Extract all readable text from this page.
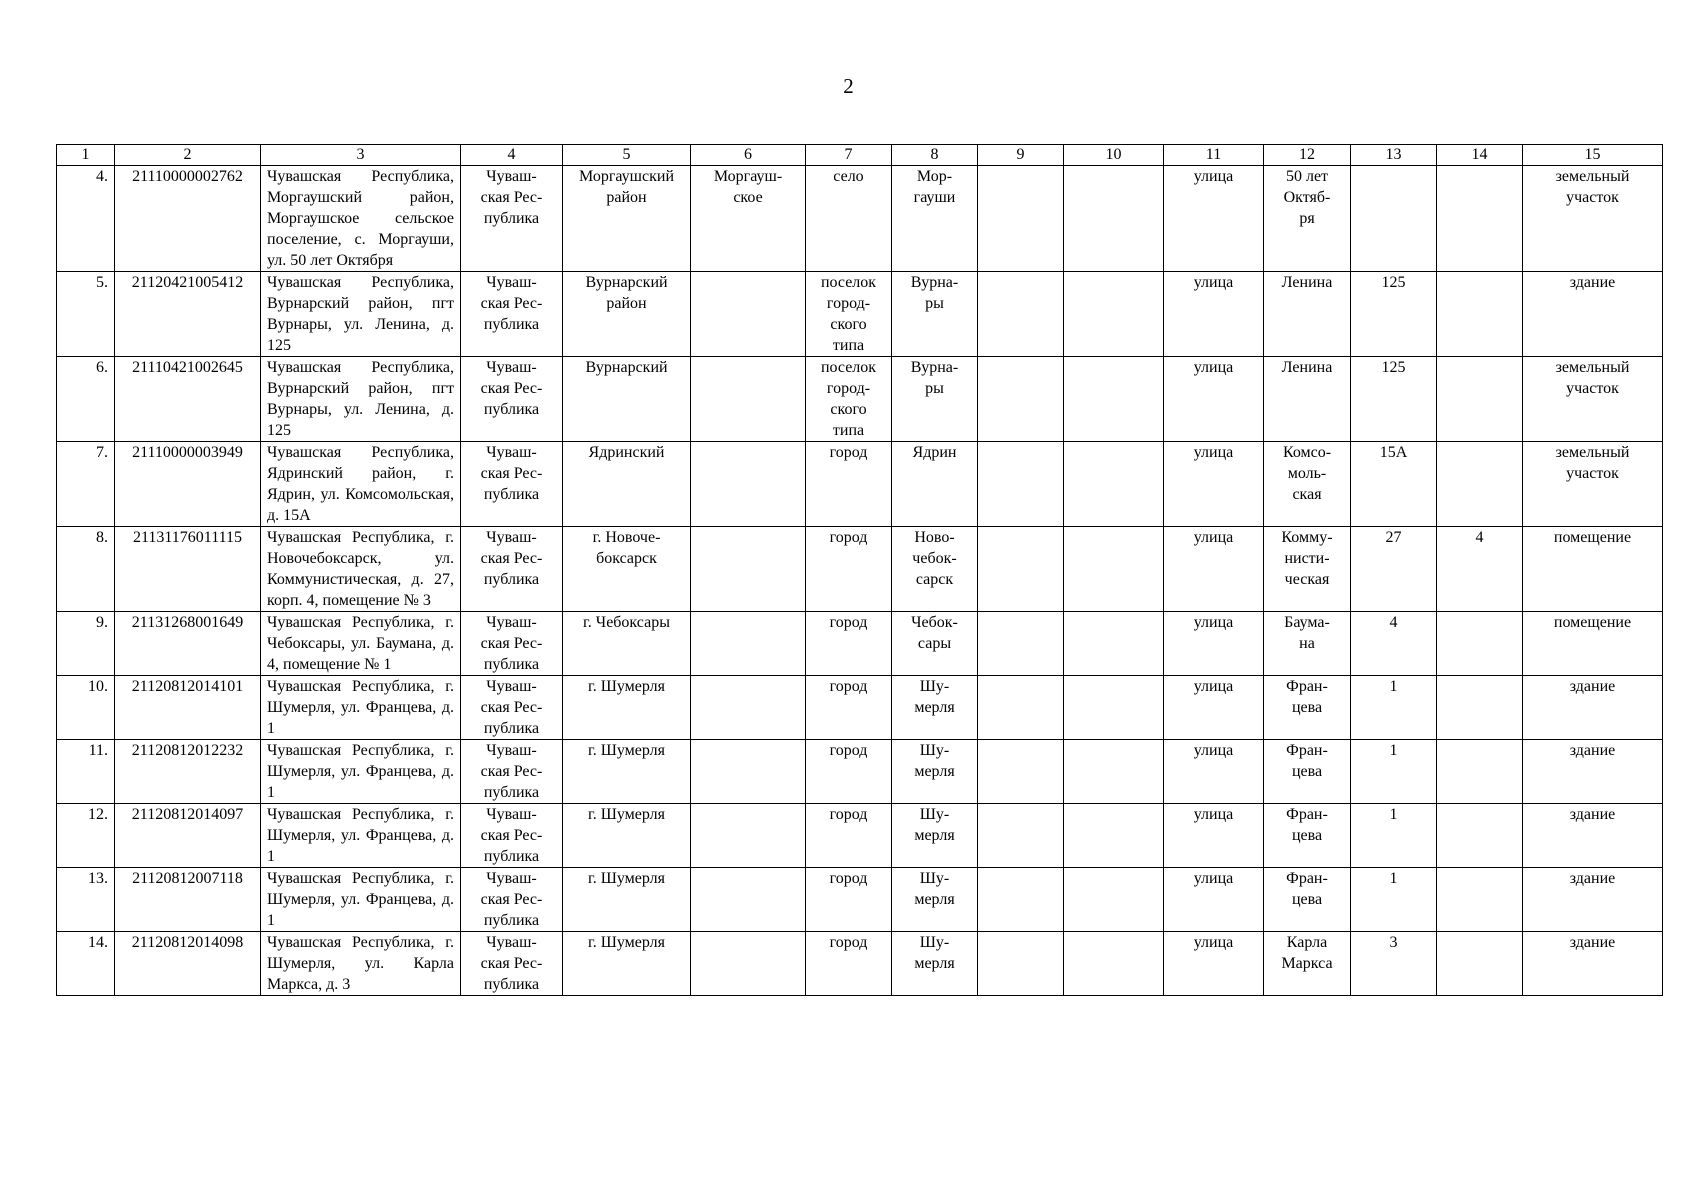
2
1	2	3	4	5	6	7	8	9	10	11	12	13	14	15
4.	21110000002762	Чувашская Республика, Моргаушский район, Моргаушское сельское поселение, с. Моргауши, ул. 50 лет Октября	Чуваш-
ская Рес-
публика	Моргаушский район	Моргауш-
ское	село	Мор-
гауши			улица	50 лет
Октяб-
ря			земельный
участок
5.	21120421005412	Чувашская Республика, Вурнарский район, пгт Вурнары, ул. Ленина, д. 125	Чуваш-
ская Рес-
публика	Вурнарский
район		поселок
город-
ского
типа	Вурна-
ры			улица	Ленина	125		здание
6.	21110421002645	Чувашская Республика, Вурнарский район, пгт Вурнары, ул. Ленина, д. 125	Чуваш-
ская Рес-
публика	Вурнарский		поселок
город-
ского
типа	Вурна-
ры			улица	Ленина	125		земельный
участок
7.	21110000003949	Чувашская Республика, Ядринский район, г. Ядрин, ул. Комсомольская, д. 15А	Чуваш-
ская Рес-
публика	Ядринский		город	Ядрин			улица	Комсо-
моль-
ская	15А		земельный
участок
8.	21131176011115	Чувашская Республика, г. Новочебоксарск, ул. Коммунистическая, д. 27, корп. 4, помещение № 3	Чуваш-
ская Рес-
публика	г. Новоче-
боксарск		город	Ново-
чебок-
сарск			улица	Комму-
нисти-
ческая	27	4	помещение
9.	21131268001649	Чувашская Республика, г. Чебоксары, ул. Баумана, д. 4, помещение № 1	Чуваш-
ская Рес-
публика	г. Чебоксары		город	Чебок-
сары			улица	Баума-
на	4		помещение
10.	21120812014101	Чувашская Республика, г. Шумерля, ул. Францева, д. 1	Чуваш-
ская Рес-
публика	г. Шумерля		город	Шу-
мерля			улица	Фран-
цева	1		здание
11.	21120812012232	Чувашская Республика, г. Шумерля, ул. Францева, д. 1	Чуваш-
ская Рес-
публика	г. Шумерля		город	Шу-
мерля			улица	Фран-
цева	1		здание
12.	21120812014097	Чувашская Республика, г. Шумерля, ул. Францева, д. 1	Чуваш-
ская Рес-
публика	г. Шумерля		город	Шу-
мерля			улица	Фран-
цева	1		здание
13.	21120812007118	Чувашская Республика, г. Шумерля, ул. Францева, д. 1	Чуваш-
ская Рес-
публика	г. Шумерля		город	Шу-
мерля			улица	Фран-
цева	1		здание
14.	21120812014098	Чувашская Республика, г. Шумерля, ул. Карла Маркса, д. 3	Чуваш-
ская Рес-
публика	г. Шумерля		город	Шу-
мерля			улица	Карла
Маркса	3		здание
